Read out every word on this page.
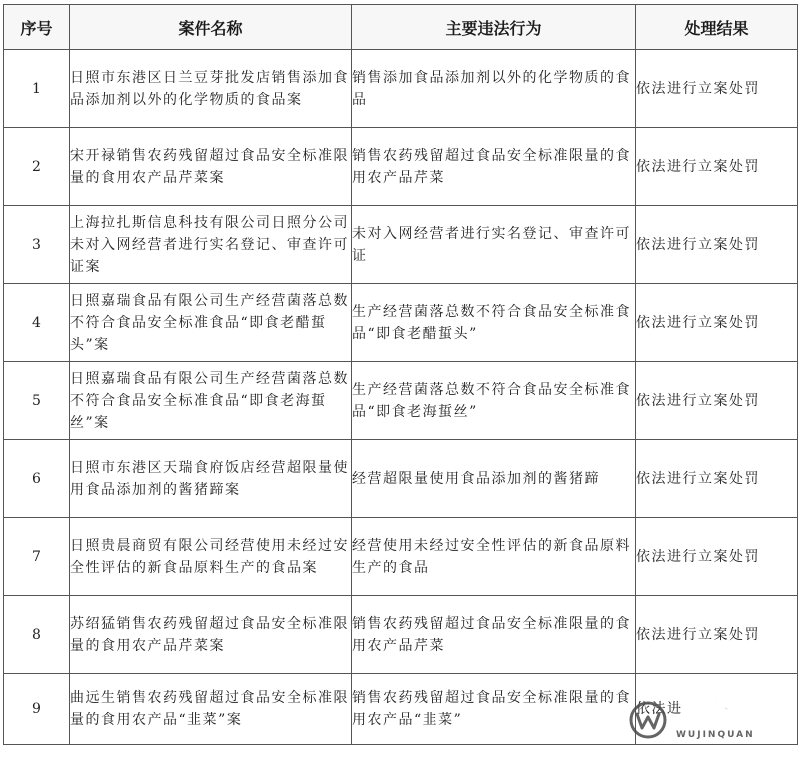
序号	案件名称	主要违法行为	处理结果
1	日照市东港区日兰豆芽批发店销售添加食品添加剂以外的化学物质的食品案	销售添加食品添加剂以外的化学物质的食品	依法进行立案处罚
2	宋开禄销售农药残留超过食品安全标准限量的食用农产品芹菜案	销售农药残留超过食品安全标准限量的食用农产品芹菜	依法进行立案处罚
3	上海拉扎斯信息科技有限公司日照分公司未对入网经营者进行实名登记、审查许可证案	未对入网经营者进行实名登记、审查许可证	依法进行立案处罚
4	日照嘉瑞食品有限公司生产经营菌落总数不符合食品安全标准食品“即食老醋蜇头”案	生产经营菌落总数不符合食品安全标准食品“即食老醋蜇头”	依法进行立案处罚
5	日照嘉瑞食品有限公司生产经营菌落总数不符合食品安全标准食品“即食老海蜇丝”案	生产经营菌落总数不符合食品安全标准食品“即食老海蜇丝”	依法进行立案处罚
6	日照市东港区天瑞食府饭店经营超限量使用食品添加剂的酱猪蹄案	经营超限量使用食品添加剂的酱猪蹄	依法进行立案处罚
7	日照贵晨商贸有限公司经营使用未经过安全性评估的新食品原料生产的食品案	经营使用未经过安全性评估的新食品原料生产的食品	依法进行立案处罚
8	苏绍猛销售农药残留超过食品安全标准限量的食用农产品芹菜案	销售农药残留超过食品安全标准限量的食用农产品芹菜	依法进行立案处罚
9	曲远生销售农药残留超过食品安全标准限量的食用农产品“韭菜”案	销售农药残留超过食品安全标准限量的食用农产品“韭菜”	依法进
五金圈
WUJINQUAN
